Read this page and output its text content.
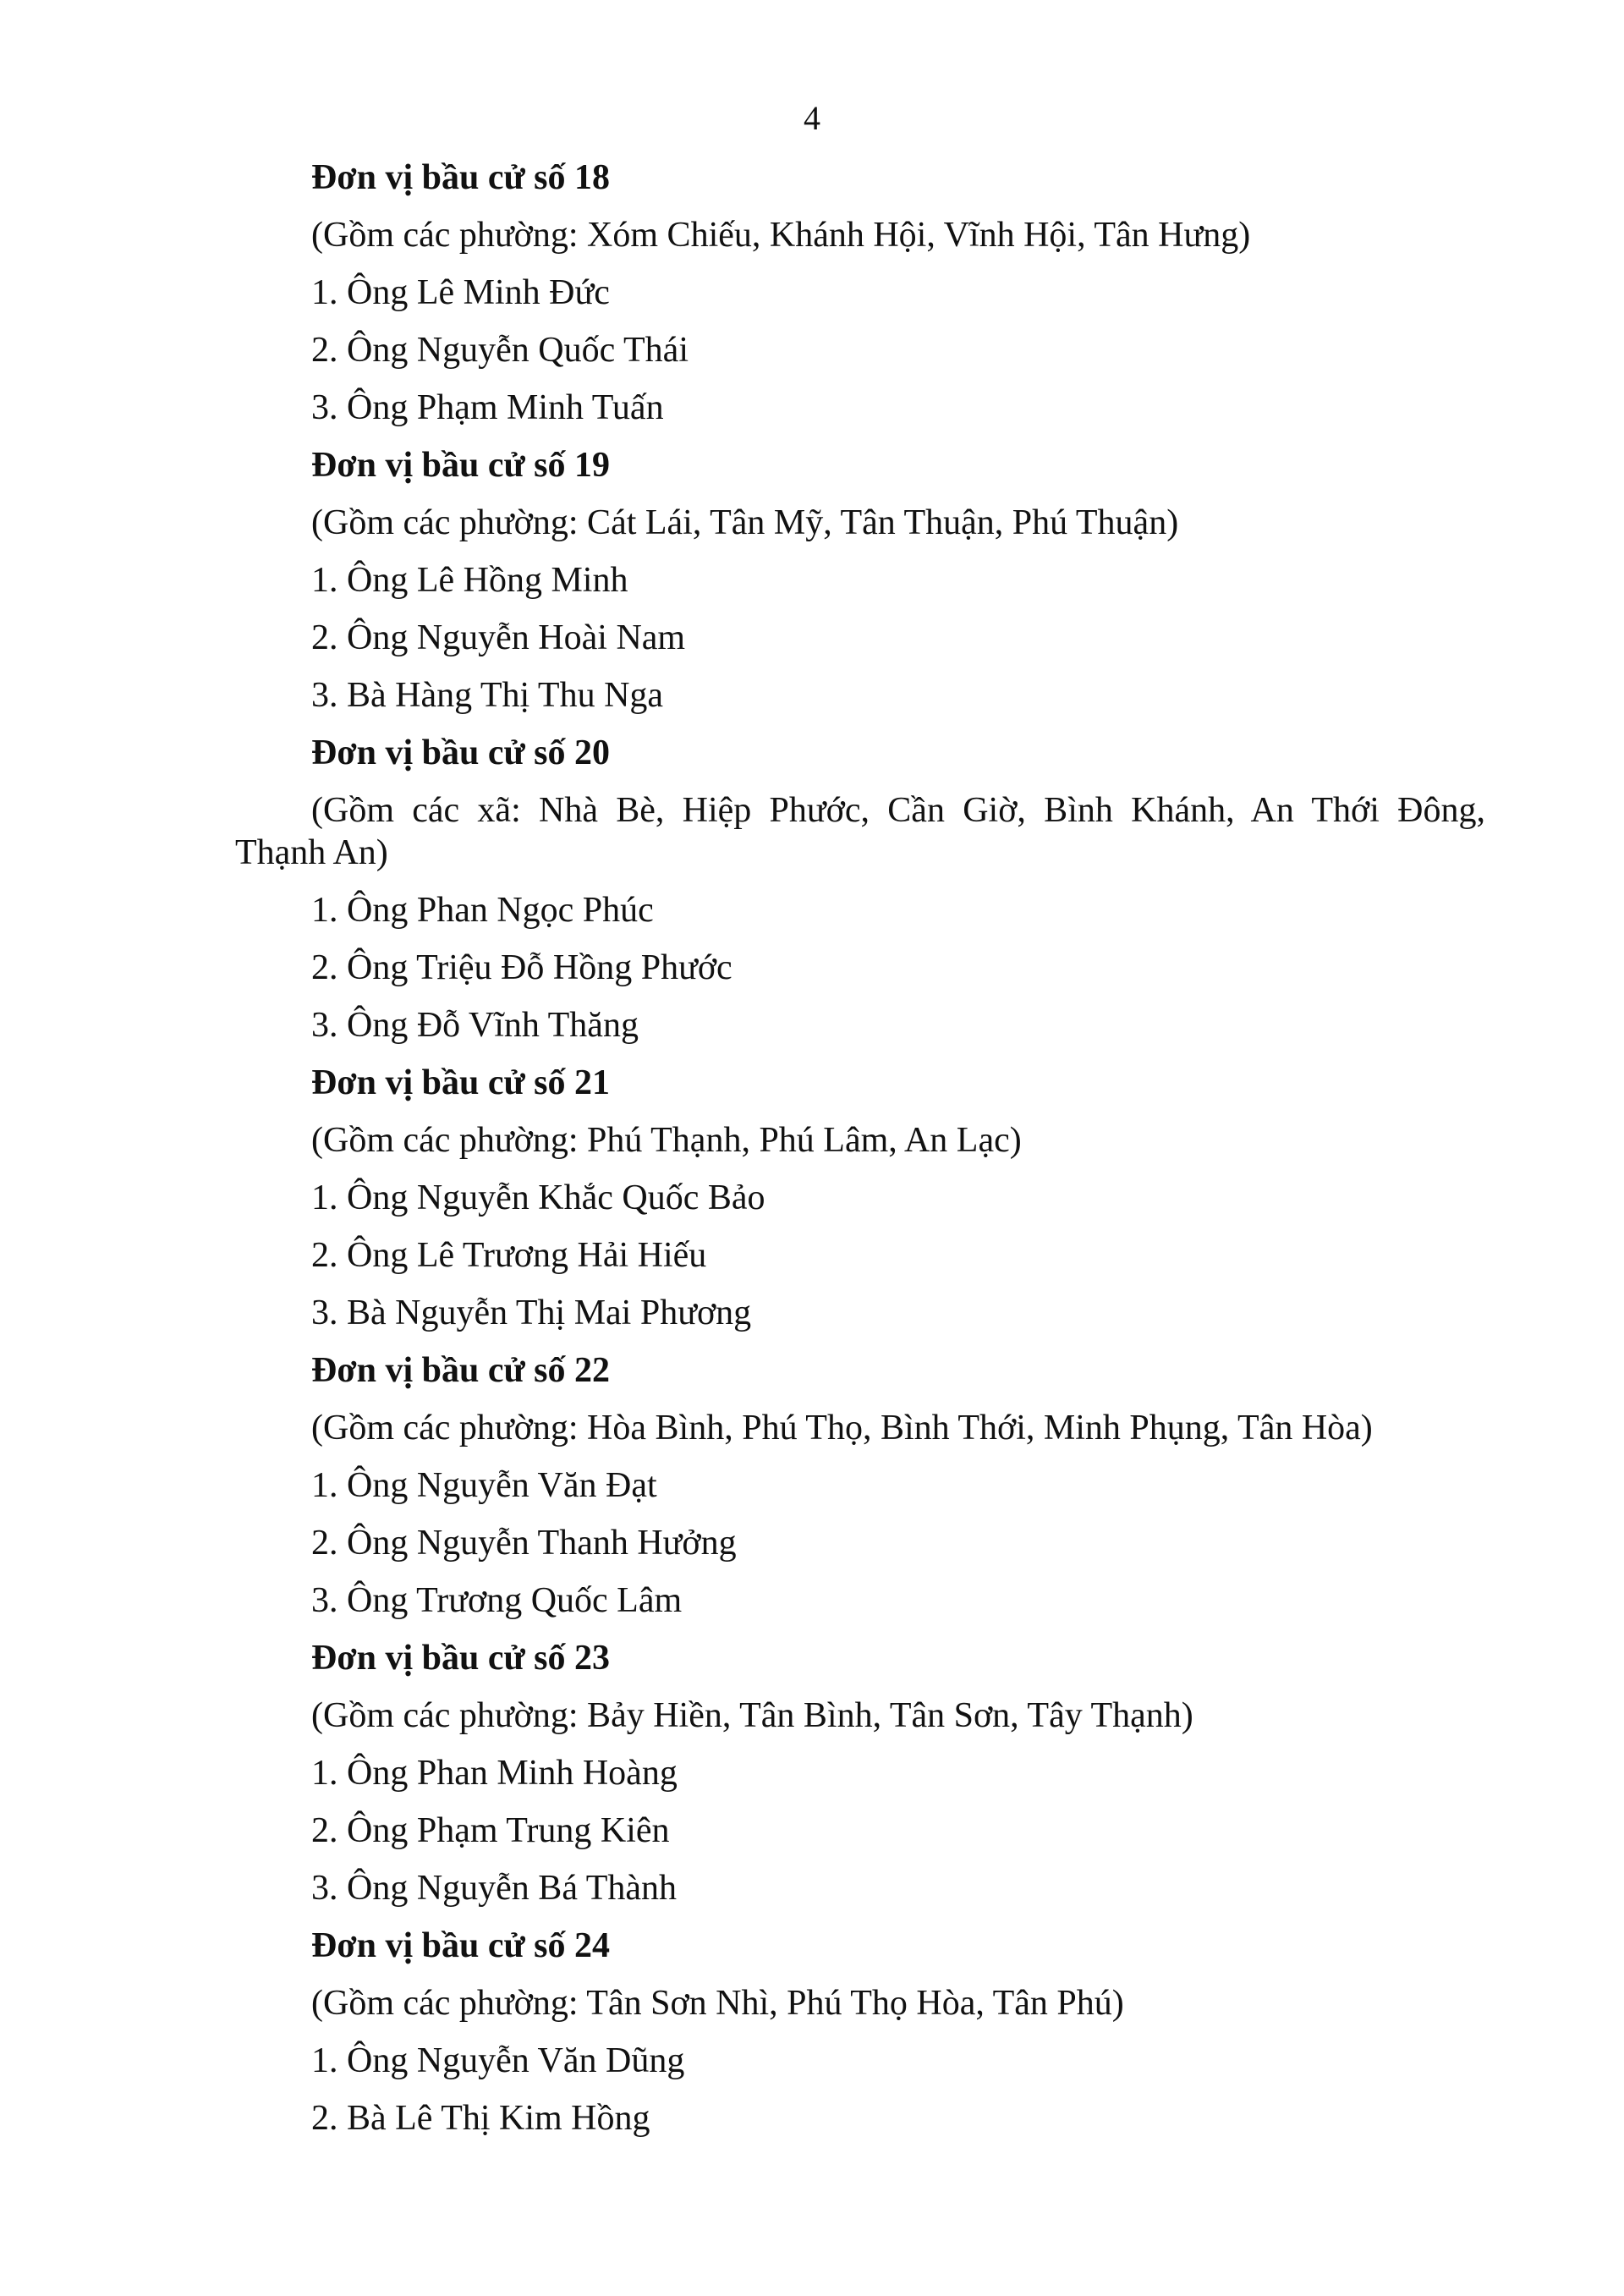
4
Đơn vị bầu cử số 18
(Gồm các phường: Xóm Chiếu, Khánh Hội, Vĩnh Hội, Tân Hưng)
1. Ông Lê Minh Đức
2. Ông Nguyễn Quốc Thái
3. Ông Phạm Minh Tuấn
Đơn vị bầu cử số 19
(Gồm các phường: Cát Lái, Tân Mỹ, Tân Thuận, Phú Thuận)
1. Ông Lê Hồng Minh
2. Ông Nguyễn Hoài Nam
3. Bà Hàng Thị Thu Nga
Đơn vị bầu cử số 20
(Gồm các xã: Nhà Bè, Hiệp Phước, Cần Giờ, Bình Khánh, An Thới Đông,
Thạnh An)
1. Ông Phan Ngọc Phúc
2. Ông Triệu Đỗ Hồng Phước
3. Ông Đỗ Vĩnh Thăng
Đơn vị bầu cử số 21
(Gồm các phường: Phú Thạnh, Phú Lâm, An Lạc)
1. Ông Nguyễn Khắc Quốc Bảo
2. Ông Lê Trương Hải Hiếu
3. Bà Nguyễn Thị Mai Phương
Đơn vị bầu cử số 22
(Gồm các phường: Hòa Bình, Phú Thọ, Bình Thới, Minh Phụng, Tân Hòa)
1. Ông Nguyễn Văn Đạt
2. Ông Nguyễn Thanh Hưởng
3. Ông Trương Quốc Lâm
Đơn vị bầu cử số 23
(Gồm các phường: Bảy Hiền, Tân Bình, Tân Sơn, Tây Thạnh)
1. Ông Phan Minh Hoàng
2. Ông Phạm Trung Kiên
3. Ông Nguyễn Bá Thành
Đơn vị bầu cử số 24
(Gồm các phường: Tân Sơn Nhì, Phú Thọ Hòa, Tân Phú)
1. Ông Nguyễn Văn Dũng
2. Bà Lê Thị Kim Hồng
